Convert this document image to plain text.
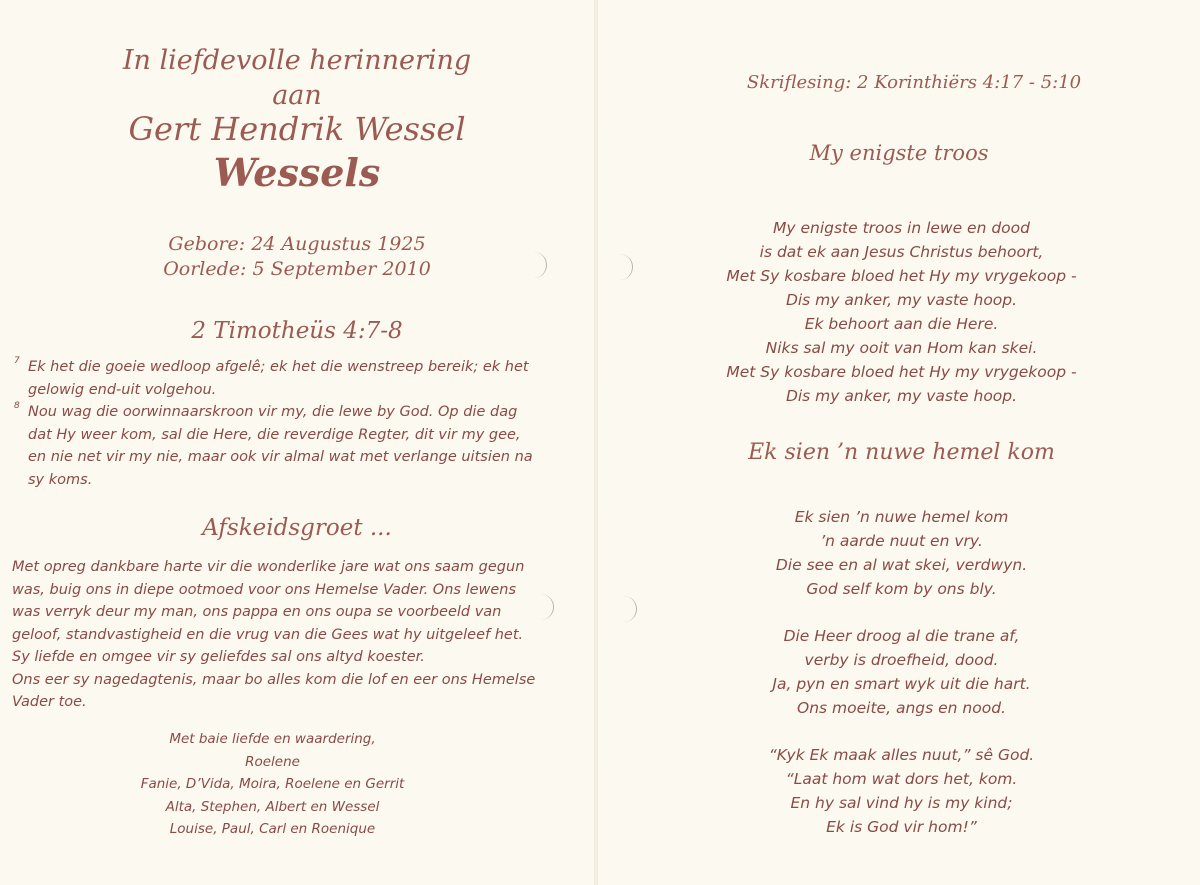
In liefdevolle herinnering
aan
Gert Hendrik Wessel
Wessels
Gebore: 24 Augustus 1925
Oorlede: 5 September 2010
2 Timotheüs 4:7-8
7 Ek het die goeie wedloop afgelê; ek het die wenstreep bereik; ek het gelowig end-uit volgehou.
8 Nou wag die oorwinnaarskroon vir my, die lewe by God. Op die dag dat Hy weer kom, sal die Here, die reverdige Regter, dit vir my gee, en nie net vir my nie, maar ook vir almal wat met verlange uitsien na sy koms.
Afskeidsgroet ...

Met opreg dankbare harte vir die wonderlike jare wat ons saam gegun was, buig ons in diepe ootmoed voor ons Hemelse Vader. Ons lewens was verryk deur my man, ons pappa en ons oupa se voorbeeld van geloof, standvastigheid en die vrug van die Gees wat hy uitgeleef het. Sy liefde en omgee vir sy geliefdes sal ons altyd koester.

Ons eer sy nagedagtenis, maar bo alles kom die lof en eer ons Hemelse Vader toe.

Met baie liefde en waardering,
Roelene
Fanie, D’Vida, Moira, Roelene en Gerrit
Alta, Stephen, Albert en Wessel
Louise, Paul, Carl en Roenique
Skriflesing: 2 Korinthiërs 4:17 - 5:10
My enigste troos
My enigste troos in lewe en dood
is dat ek aan Jesus Christus behoort,
Met Sy kosbare bloed het Hy my vrygekoop -
Dis my anker, my vaste hoop.
Ek behoort aan die Here.
Niks sal my ooit van Hom kan skei.
Met Sy kosbare bloed het Hy my vrygekoop -
Dis my anker, my vaste hoop.
Ek sien ’n nuwe hemel kom
Ek sien ’n nuwe hemel kom
’n aarde nuut en vry.
Die see en al wat skei, verdwyn.
God self kom by ons bly.
Die Heer droog al die trane af,
verby is droefheid, dood.
Ja, pyn en smart wyk uit die hart.
Ons moeite, angs en nood.
“Kyk Ek maak alles nuut,” sê God.
“Laat hom wat dors het, kom.
En hy sal vind hy is my kind;
Ek is God vir hom!”
